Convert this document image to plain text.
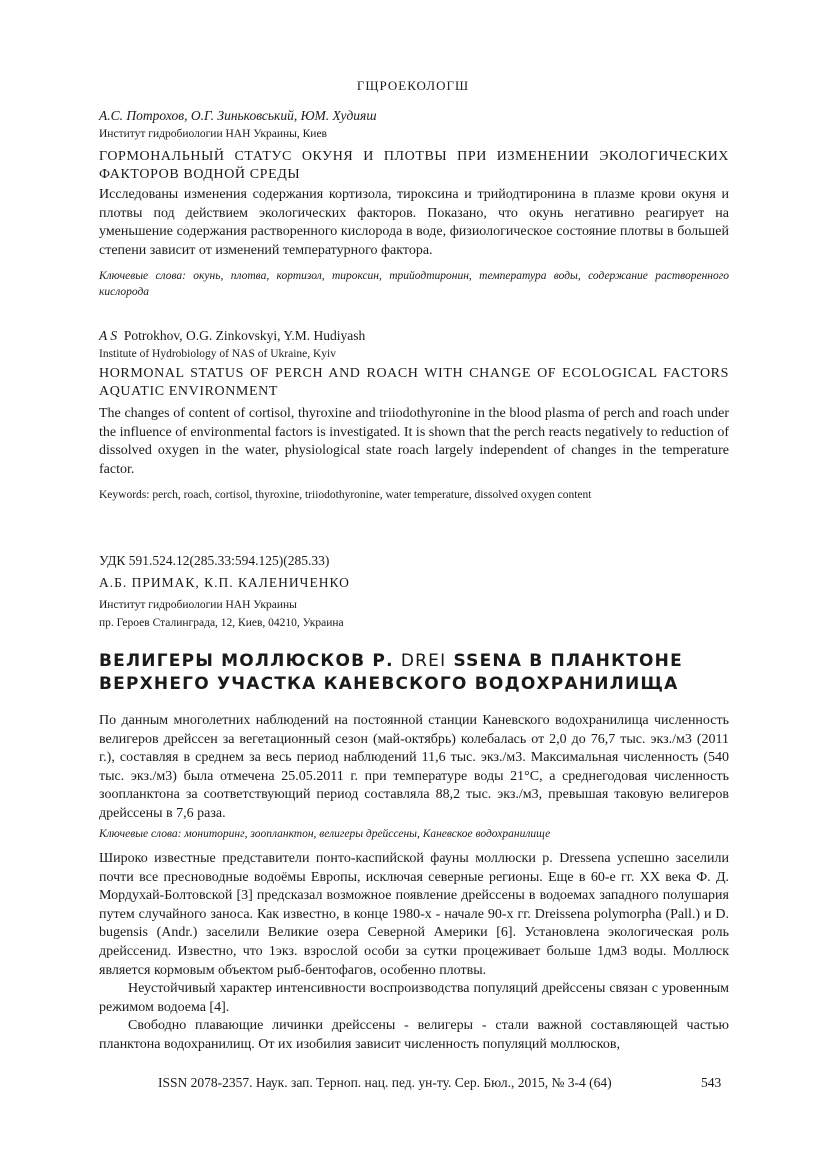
ГЩРОЕКОЛОГШ
А.С. Потрохов, О.Г. Зиньковський, ЮМ. Худияш
Институт гидробиологии НАН Украины, Киев
ГОРМОНАЛЬНЫЙ СТАТУС ОКУНЯ И ПЛОТВЫ ПРИ ИЗМЕНЕНИИ ЭКОЛОГИЧЕСКИХ ФАКТОРОВ ВОДНОЙ СРЕДЫ
Исследованы изменения содержания кортизола, тироксина и трийодтиронина в плазме крови окуня и плотвы под действием экологических факторов. Показано, что окунь негативно реагирует на уменьшение содержания растворенного кислорода в воде, физиологическое состояние плотвы в большей степени зависит от изменений температурного фактора.
Ключевые слова: окунь, плотва, кортизол, тироксин, трийодтиронин, температура воды, содержание растворенного кислорода
A S Potrokhov, O.G. Zinkovskyi, Y.M. Hudiyash
Institute of Hydrobiology of NAS of Ukraine, Kyiv
HORMONAL STATUS OF PERCH AND ROACH WITH CHANGE OF ECOLOGICAL FACTORS AQUATIC ENVIRONMENT
The changes of content of cortisol, thyroxine and triiodothyronine in the blood plasma of perch and roach under the influence of environmental factors is investigated. It is shown that the perch reacts negatively to reduction of dissolved oxygen in the water, physiological state roach largely independent of changes in the temperature factor.
Keywords: perch, roach, cortisol, thyroxine, triiodothyronine, water temperature, dissolved oxygen content
УДК 591.524.12(285.33:594.125)(285.33)
А.Б. ПРИМАК, К.П. КАЛЕНИЧЕНКО
Институт гидробиологии НАН Украины
пр. Героев Сталинграда, 12, Киев, 04210, Украина
ВЕЛИГЕРЫ МОЛЛЮСКОВ Р. DREI SSENA В ПЛАНКТОНЕ
ВЕРХНЕГО УЧАСТКА КАНЕВСКОГО ВОДОХРАНИЛИЩА
По данным многолетних наблюдений на постоянной станции Каневского водохранилища численность велигеров дрейссен за вегетационный сезон (май-октябрь) колебалась от 2,0 до 76,7 тыс. экз./м3 (2011 г.), составляя в среднем за весь период наблюдений 11,6 тыс. экз./м3. Максимальная численность (540 тыс. экз./м3) была отмечена 25.05.2011 г. при температуре воды 21°С, а среднегодовая численность зоопланктона за соответствующий период составляла 88,2 тыс. экз./м3, превышая таковую велигеров дрейссены в 7,6 раза.
Ключевые слова: мониторинг, зоопланктон, велигеры дрейссены, Каневское водохранилище

Широко известные представители понто-каспийской фауны моллюски р. Dressena успешно заселили почти все пресноводные водоёмы Европы, исключая северные регионы. Еще в 60-е гг. XX века Ф. Д. Мордухай-Болтовской [3] предсказал возможное появление дрейссены в водоемах западного полушария путем случайного заноса. Как известно, в конце 1980-х - начале 90-х гг. Dreissena polymorpha (Pall.) и D. bugensis (Andr.) заселили Великие озера Северной Америки [6]. Установлена экологическая роль дрейссенид. Известно, что 1экз. взрослой особи за сутки процеживает больше 1дм3 воды. Моллюск является кормовым объектом рыб-бентофагов, особенно плотвы.

Неустойчивый характер интенсивности воспроизводства популяций дрейссены связан с уровенным режимом водоема [4].

Свободно плавающие личинки дрейссены - велигеры - стали важной составляющей частью планктона водохранилищ. От их изобилия зависит численность популяций моллюсков,

ISSN 2078-2357. Наук. зап. Терноп. нац. пед. ун-ту. Сер. Бюл., 2015, № 3-4 (64)	543
